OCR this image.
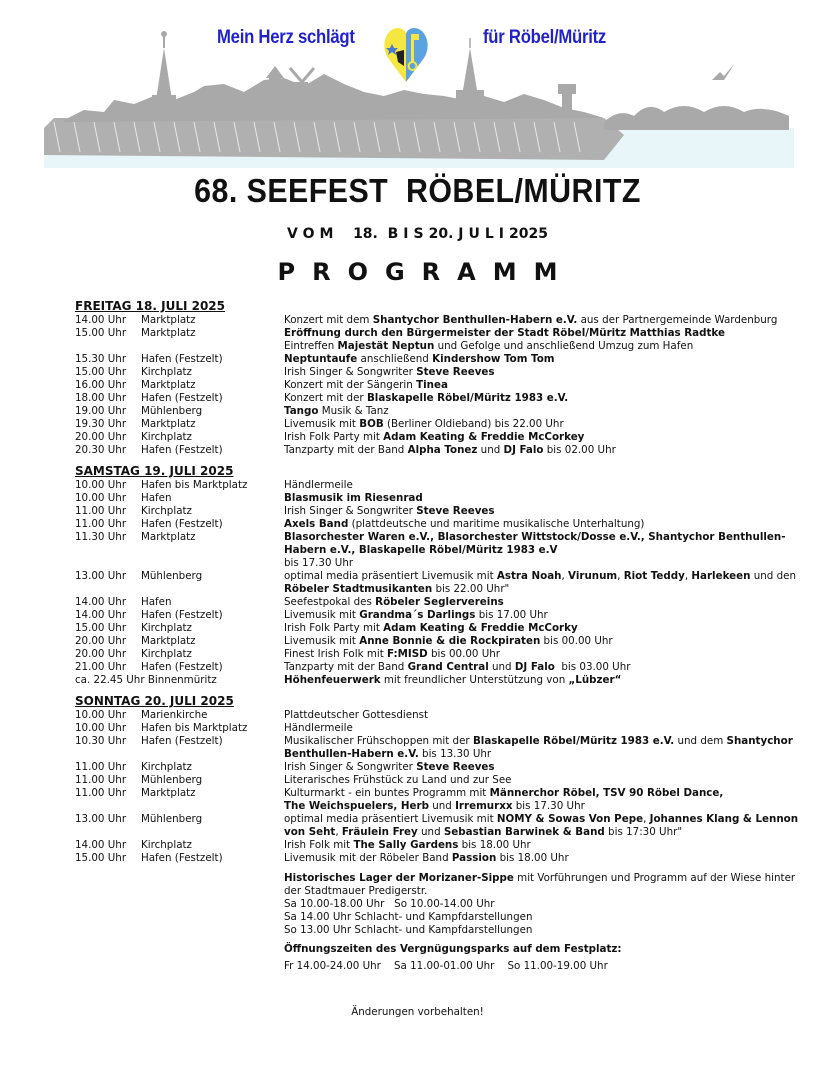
Mein Herz schlägt	für Röbel/Müritz
68. SEEFEST  RÖBEL/MÜRITZ
VOM 18. BIS20. JULI2025
PROGRAMM
FREITAG 18. JULI 2025
14.00 Uhr	Marktplatz	Konzert mit dem Shantychor Benthullen-Habern e.V. aus der Partnergemeinde Wardenburg
15.00 Uhr	Marktplatz	Eröffnung durch den Bürgermeister der Stadt Röbel/Müritz Matthias Radtke
Eintreffen Majestät Neptun und Gefolge und anschließend Umzug zum Hafen
15.30 Uhr	Hafen (Festzelt)	Neptuntaufe anschließend Kindershow Tom Tom
15.00 Uhr	Kirchplatz	Irish Singer & Songwriter Steve Reeves
16.00 Uhr	Marktplatz	Konzert mit der Sängerin Tinea
18.00 Uhr	Hafen (Festzelt)	Konzert mit der Blaskapelle Röbel/Müritz 1983 e.V.
19.00 Uhr	Mühlenberg	Tango Musik & Tanz
19.30 Uhr	Marktplatz	Livemusik mit BOB (Berliner Oldieband) bis 22.00 Uhr
20.00 Uhr	Kirchplatz	Irish Folk Party mit Adam Keating & Freddie McCorkey
20.30 Uhr	Hafen (Festzelt)	Tanzparty mit der Band Alpha Tonez und DJ Falo bis 02.00 Uhr
SAMSTAG 19. JULI 2025
10.00 Uhr	Hafen bis Marktplatz	Händlermeile
10.00 Uhr	Hafen	Blasmusik im Riesenrad
11.00 Uhr	Kirchplatz	Irish Singer & Songwriter Steve Reeves
11.00 Uhr	Hafen (Festzelt)	Axels Band (plattdeutsche und maritime musikalische Unterhaltung)
11.30 Uhr	Marktplatz	Blasorchester Waren e.V., Blasorchester Wittstock/Dosse e.V., Shantychor Benthullen-Habern e.V., Blaskapelle Röbel/Müritz 1983 e.V
bis 17.30 Uhr
13.00 Uhr	Mühlenberg	optimal media präsentiert Livemusik mit Astra Noah, Virunum, Riot Teddy, Harlekeen und den Röbeler Stadtmusikanten bis 22.00 Uhr"
14.00 Uhr	Hafen	Seefestpokal des Röbeler Seglervereins
14.00 Uhr	Hafen (Festzelt)	Livemusik mit Grandma´s Darlings bis 17.00 Uhr
15.00 Uhr	Kirchplatz	Irish Folk Party mit Adam Keating & Freddie McCorky
20.00 Uhr	Marktplatz	Livemusik mit Anne Bonnie & die Rockpiraten bis 00.00 Uhr
20.00 Uhr	Kirchplatz	Finest Irish Folk mit F:MISD bis 00.00 Uhr
21.00 Uhr	Hafen (Festzelt)	Tanzparty mit der Band Grand Central und DJ Falo  bis 03.00 Uhr
ca. 22.45 Uhr Binnenmüritz	Höhenfeuerwerk mit freundlicher Unterstützung von „Lübzer“
SONNTAG 20. JULI 2025
10.00 Uhr	Marienkirche	Plattdeutscher Gottesdienst
10.00 Uhr	Hafen bis Marktplatz	Händlermeile
10.30 Uhr	Hafen (Festzelt)	Musikalischer Frühschoppen mit der Blaskapelle Röbel/Müritz 1983 e.V. und dem Shantychor Benthullen-Habern e.V. bis 13.30 Uhr
11.00 Uhr	Kirchplatz	Irish Singer & Songwriter Steve Reeves
11.00 Uhr	Mühlenberg	Literarisches Frühstück zu Land und zur See
11.00 Uhr	Marktplatz	Kulturmarkt - ein buntes Programm mit Männerchor Röbel, TSV 90 Röbel Dance,
The Weichspuelers, Herb und Irremurxx bis 17.30 Uhr
13.00 Uhr	Mühlenberg	optimal media präsentiert Livemusik mit NOMY & Sowas Von Pepe, Johannes Klang & Lennon von Seht, Fräulein Frey und Sebastian Barwinek & Band bis 17:30 Uhr"
14.00 Uhr	Kirchplatz	Irish Folk mit The Sally Gardens bis 18.00 Uhr
15.00 Uhr	Hafen (Festzelt)	Livemusik mit der Röbeler Band Passion bis 18.00 Uhr
Historisches Lager der Morizaner-Sippe mit Vorführungen und Programm auf der Wiese hinter der Stadtmauer Predigerstr.
Sa 10.00-18.00 Uhr   So 10.00-14.00 Uhr
Sa 14.00 Uhr Schlacht- und Kampfdarstellungen
So 13.00 Uhr Schlacht- und Kampfdarstellungen
Öffnungszeiten des Vergnügungsparks auf dem Festplatz:
Fr 14.00-24.00 Uhr    Sa 11.00-01.00 Uhr    So 11.00-19.00 Uhr
Änderungen vorbehalten!
